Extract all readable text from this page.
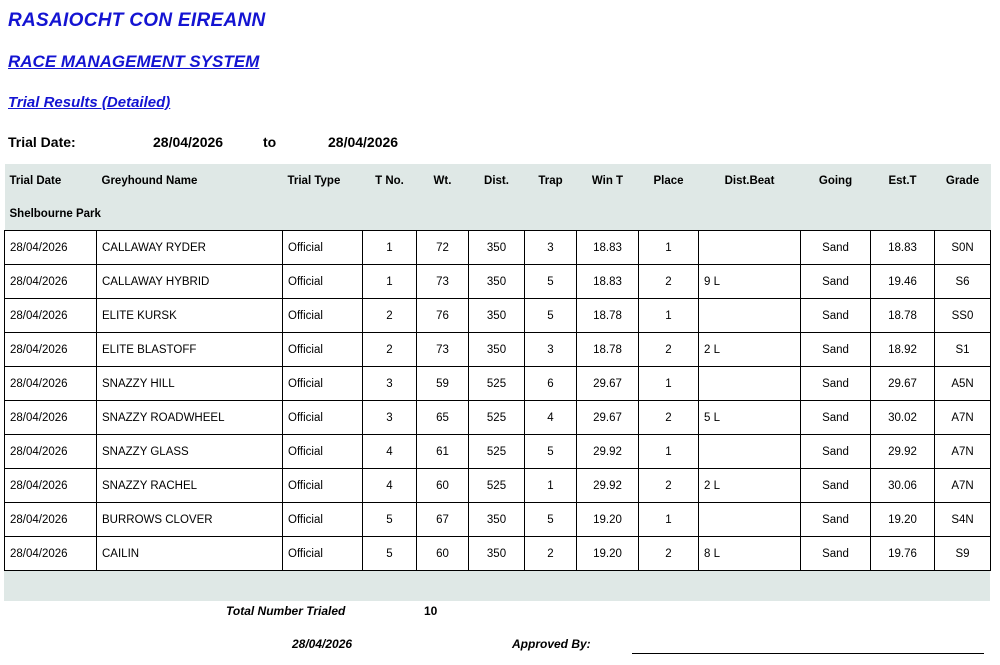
RASAIOCHT CON EIREANN
RACE MANAGEMENT SYSTEM
Trial Results (Detailed)
Trial Date:	28/04/2026	to	28/04/2026
Trial Date	Greyhound Name	Trial Type	T No.	Wt.	Dist.	Trap	Win T	Place	Dist.Beat	Going	Est.T	Grade
Shelbourne Park												
28/04/2026	CALLAWAY RYDER	Official	1	72	350	3	18.83	1		Sand	18.83	S0N
28/04/2026	CALLAWAY HYBRID	Official	1	73	350	5	18.83	2	9 L	Sand	19.46	S6
28/04/2026	ELITE KURSK	Official	2	76	350	5	18.78	1		Sand	18.78	SS0
28/04/2026	ELITE BLASTOFF	Official	2	73	350	3	18.78	2	2 L	Sand	18.92	S1
28/04/2026	SNAZZY HILL	Official	3	59	525	6	29.67	1		Sand	29.67	A5N
28/04/2026	SNAZZY ROADWHEEL	Official	3	65	525	4	29.67	2	5 L	Sand	30.02	A7N
28/04/2026	SNAZZY GLASS	Official	4	61	525	5	29.92	1		Sand	29.92	A7N
28/04/2026	SNAZZY RACHEL	Official	4	60	525	1	29.92	2	2 L	Sand	30.06	A7N
28/04/2026	BURROWS CLOVER	Official	5	67	350	5	19.20	1		Sand	19.20	S4N
28/04/2026	CAILIN	Official	5	60	350	2	19.20	2	8 L	Sand	19.76	S9
Total Number Trialed	10
28/04/2026	Approved By:
